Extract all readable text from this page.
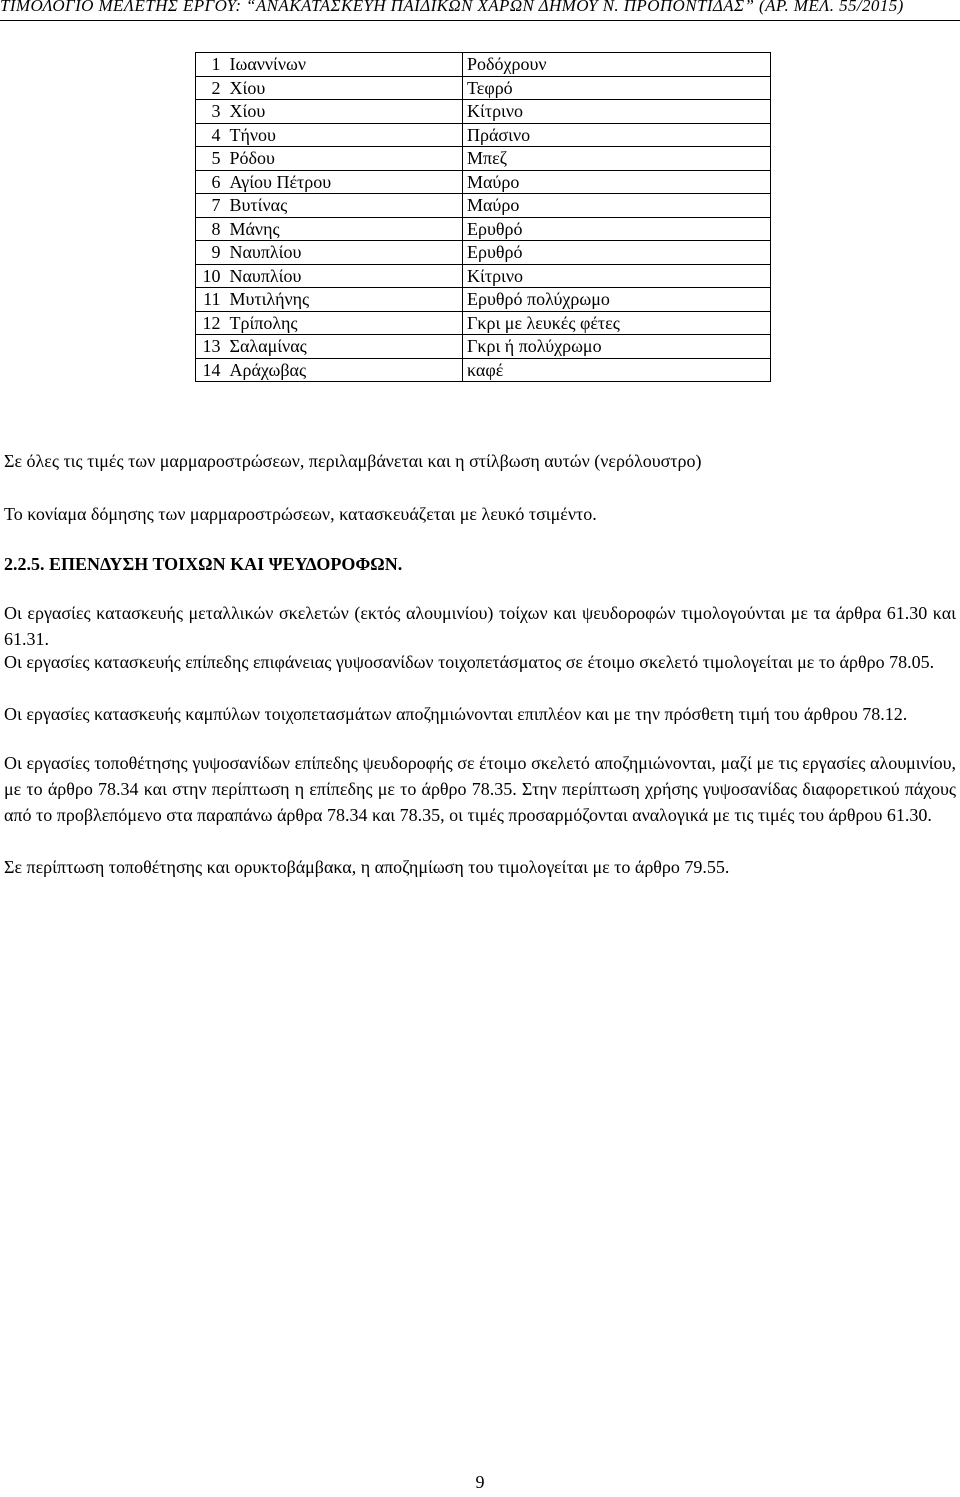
ΤΙΜΟΛΟΓΙΟ ΜΕΛΕΤΗΣ ΕΡΓΟΥ: “ΑΝΑΚΑΤΑΣΚΕΥΗ ΠΑΙΔΙΚΩΝ ΧΑΡΩΝ ΔΗΜΟΥ Ν. ΠΡΟΠΟΝΤΙΔΑΣ” (ΑΡ. ΜΕΛ. 55/2015)
1	Ιωαννίνων	Ροδόχρουν
2	Χίου	Τεφρό
3	Χίου	Κίτρινο
4	Τήνου	Πράσινο
5	Ρόδου	Μπεζ
6	Αγίου Πέτρου	Μαύρο
7	Βυτίνας	Μαύρο
8	Μάνης	Ερυθρό
9	Ναυπλίου	Ερυθρό
10	Ναυπλίου	Κίτρινο
11	Μυτιλήνης	Ερυθρό πολύχρωμο
12	Τρίπολης	Γκρι με λευκές φέτες
13	Σαλαμίνας	Γκρι ή πολύχρωμο
14	Αράχωβας	καφέ
Σε όλες τις τιμές των μαρμαροστρώσεων, περιλαμβάνεται και η στίλβωση αυτών (νερόλουστρο)
Το κονίαμα δόμησης των μαρμαροστρώσεων, κατασκευάζεται με λευκό τσιμέντο.
2.2.5. ΕΠΕΝΔΥΣΗ ΤΟΙΧΩΝ ΚΑΙ ΨΕΥΔΟΡΟΦΩΝ.
Οι εργασίες κατασκευής μεταλλικών σκελετών (εκτός αλουμινίου) τοίχων και ψευδοροφών τιμολογούνται με τα άρθρα 61.30 και 61.31.
Οι εργασίες κατασκευής επίπεδης επιφάνειας γυψοσανίδων τοιχοπετάσματος σε έτοιμο σκελετό τιμολογείται με το άρθρο 78.05.
Οι εργασίες κατασκευής καμπύλων τοιχοπετασμάτων αποζημιώνονται επιπλέον και με την πρόσθετη τιμή του άρθρου 78.12.
Οι εργασίες τοποθέτησης γυψοσανίδων επίπεδης ψευδοροφής σε έτοιμο σκελετό αποζημιώνονται, μαζί με τις εργασίες αλουμινίου, με το άρθρο 78.34 και στην περίπτωση η επίπεδης με το άρθρο 78.35. Στην περίπτωση χρήσης γυψοσανίδας διαφορετικού πάχους από το προβλεπόμενο στα παραπάνω άρθρα 78.34 και 78.35, οι τιμές προσαρμόζονται αναλογικά με τις τιμές του άρθρου 61.30.
Σε περίπτωση τοποθέτησης και ορυκτοβάμβακα, η αποζημίωση του τιμολογείται με το άρθρο 79.55.
9
